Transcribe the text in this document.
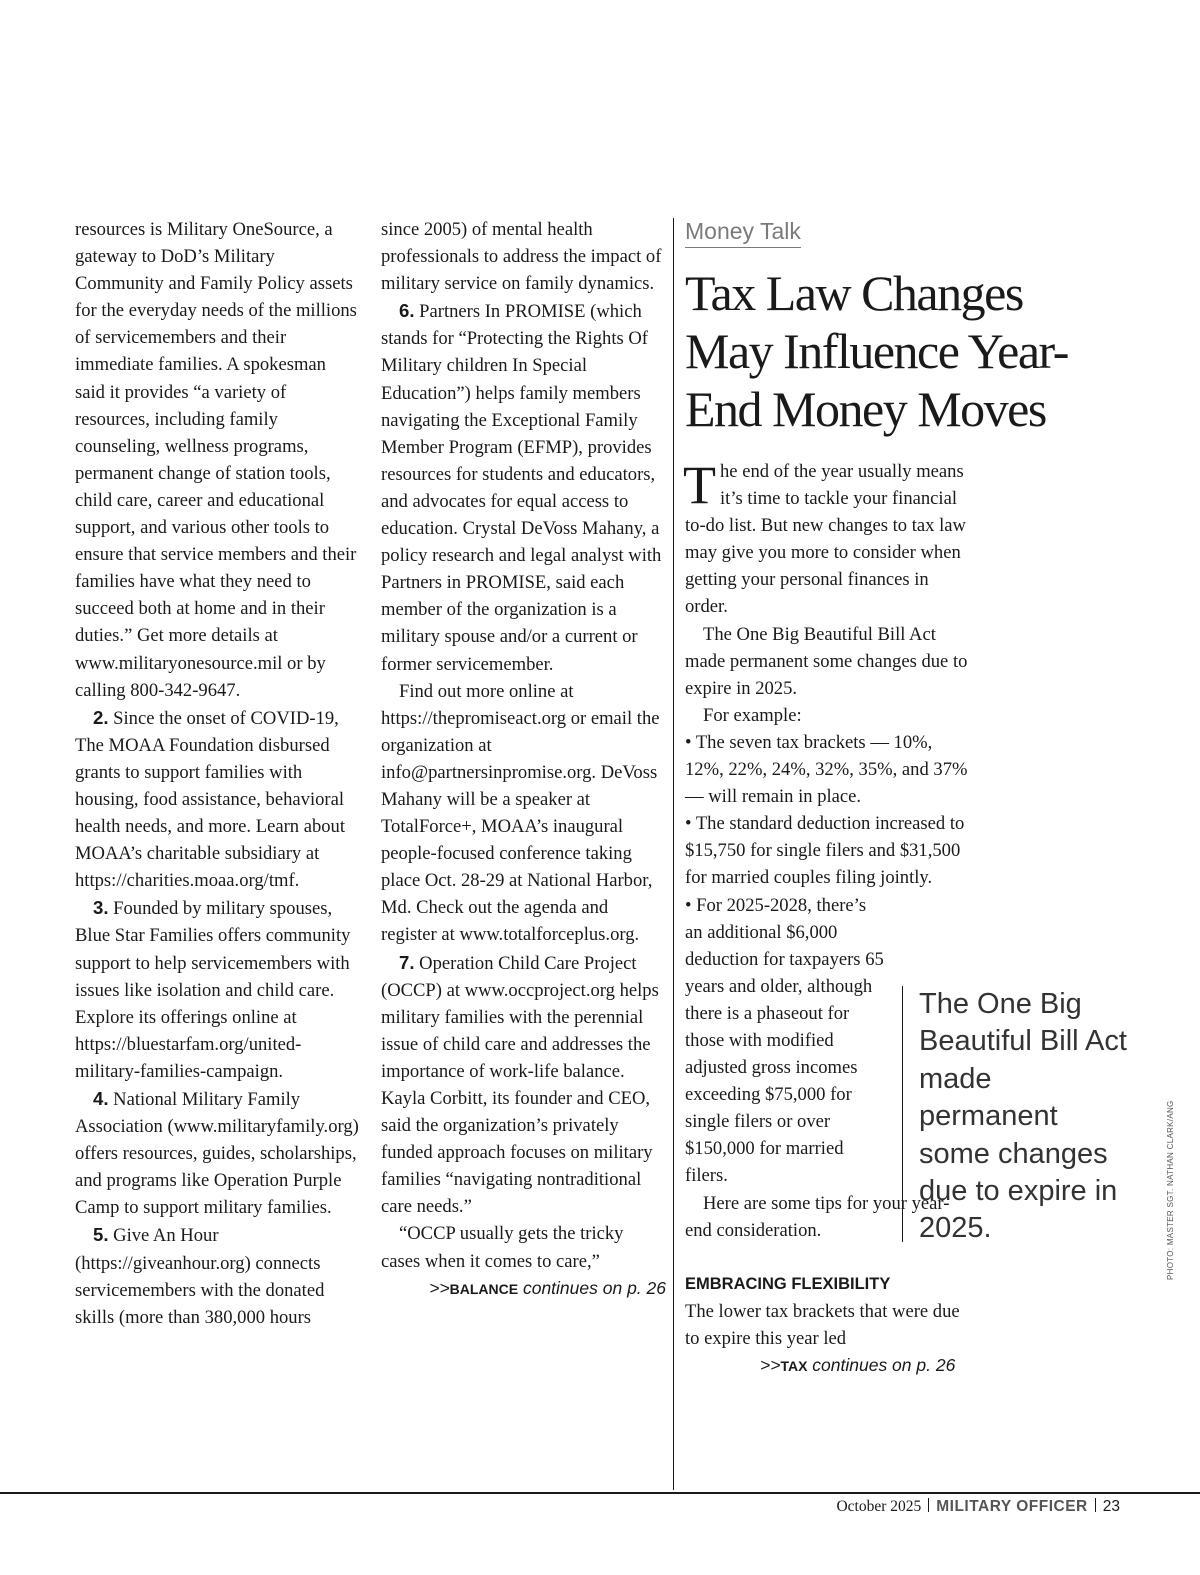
resources is Military OneSource, a gateway to DoD’s Military Community and Family Policy assets for the everyday needs of the millions of servicemembers and their immediate families. A spokesman said it provides “a variety of resources, including family counseling, wellness programs, permanent change of station tools, child care, career and educational support, and various other tools to ensure that service members and their families have what they need to succeed both at home and in their duties.” Get more details at www.militaryonesource.mil or by calling 800-342-9647.

2. Since the onset of COVID-19, The MOAA Foundation disbursed grants to support families with housing, food assistance, behavioral health needs, and more. Learn about MOAA’s charitable subsidiary at https://charities.moaa.org/tmf.

3. Founded by military spouses, Blue Star Families offers community support to help servicemembers with issues like isolation and child care. Explore its offerings online at https://bluestarfam.org/united-military-families-campaign.

4. National Military Family Association (www.militaryfamily.org) offers resources, guides, scholarships, and programs like Operation Purple Camp to support military families.

5. Give An Hour (https://giveanhour.org) connects servicemembers with the donated skills (more than 380,000 hours

since 2005) of mental health professionals to address the impact of military service on family dynamics.

6. Partners In PROMISE (which stands for “Protecting the Rights Of Military children In Special Education”) helps family members navigating the Exceptional Family Member Program (EFMP), provides resources for students and educators, and advocates for equal access to education. Crystal DeVoss Mahany, a policy research and legal analyst with Partners in PROMISE, said each member of the organization is a military spouse and/or a current or former servicemember.

Find out more online at https://thepromiseact.org or email the organization at info@partnersinpromise.org. DeVoss Mahany will be a speaker at TotalForce+, MOAA’s inaugural people-focused conference taking place Oct. 28-29 at National Harbor, Md. Check out the agenda and register at www.totalforceplus.org.

7. Operation Child Care Project (OCCP) at www.occproject.org helps military families with the perennial issue of child care and addresses the importance of work-life balance. Kayla Corbitt, its founder and CEO, said the organization’s privately funded approach focuses on military families “navigating nontraditional care needs.”

“OCCP usually gets the tricky cases when it comes to care,”

>>BALANCE continues on p. 26

Money Talk
Tax Law Changes May Influence Year-End Money Moves

The end of the year usually means it’s time to tackle your financial to-do list. But new changes to tax law may give you more to consider when getting your personal finances in order.

The One Big Beautiful Bill Act made permanent some changes due to expire in 2025.

For example:

• The seven tax brackets — 10%, 12%, 22%, 24%, 32%, 35%, and 37% — will remain in place.

• The standard deduction increased to $15,750 for single filers and $31,500 for married couples filing jointly.

• For 2025-2028, there’s an additional $6,000 deduction for taxpayers 65 years and older, although there is a phaseout for those with modified adjusted gross incomes exceeding $75,000 for single filers or over $150,000 for married filers.

Here are some tips for your year-end consideration.

EMBRACING FLEXIBILITY

The lower tax brackets that were due to expire this year led

>>TAX continues on p. 26

The One Big Beautiful Bill Act made permanent some changes due to expire in 2025.	PHOTO: MASTER SGT. NATHAN CLARK/ANG
October 2025 MILITARY OFFICER 23
